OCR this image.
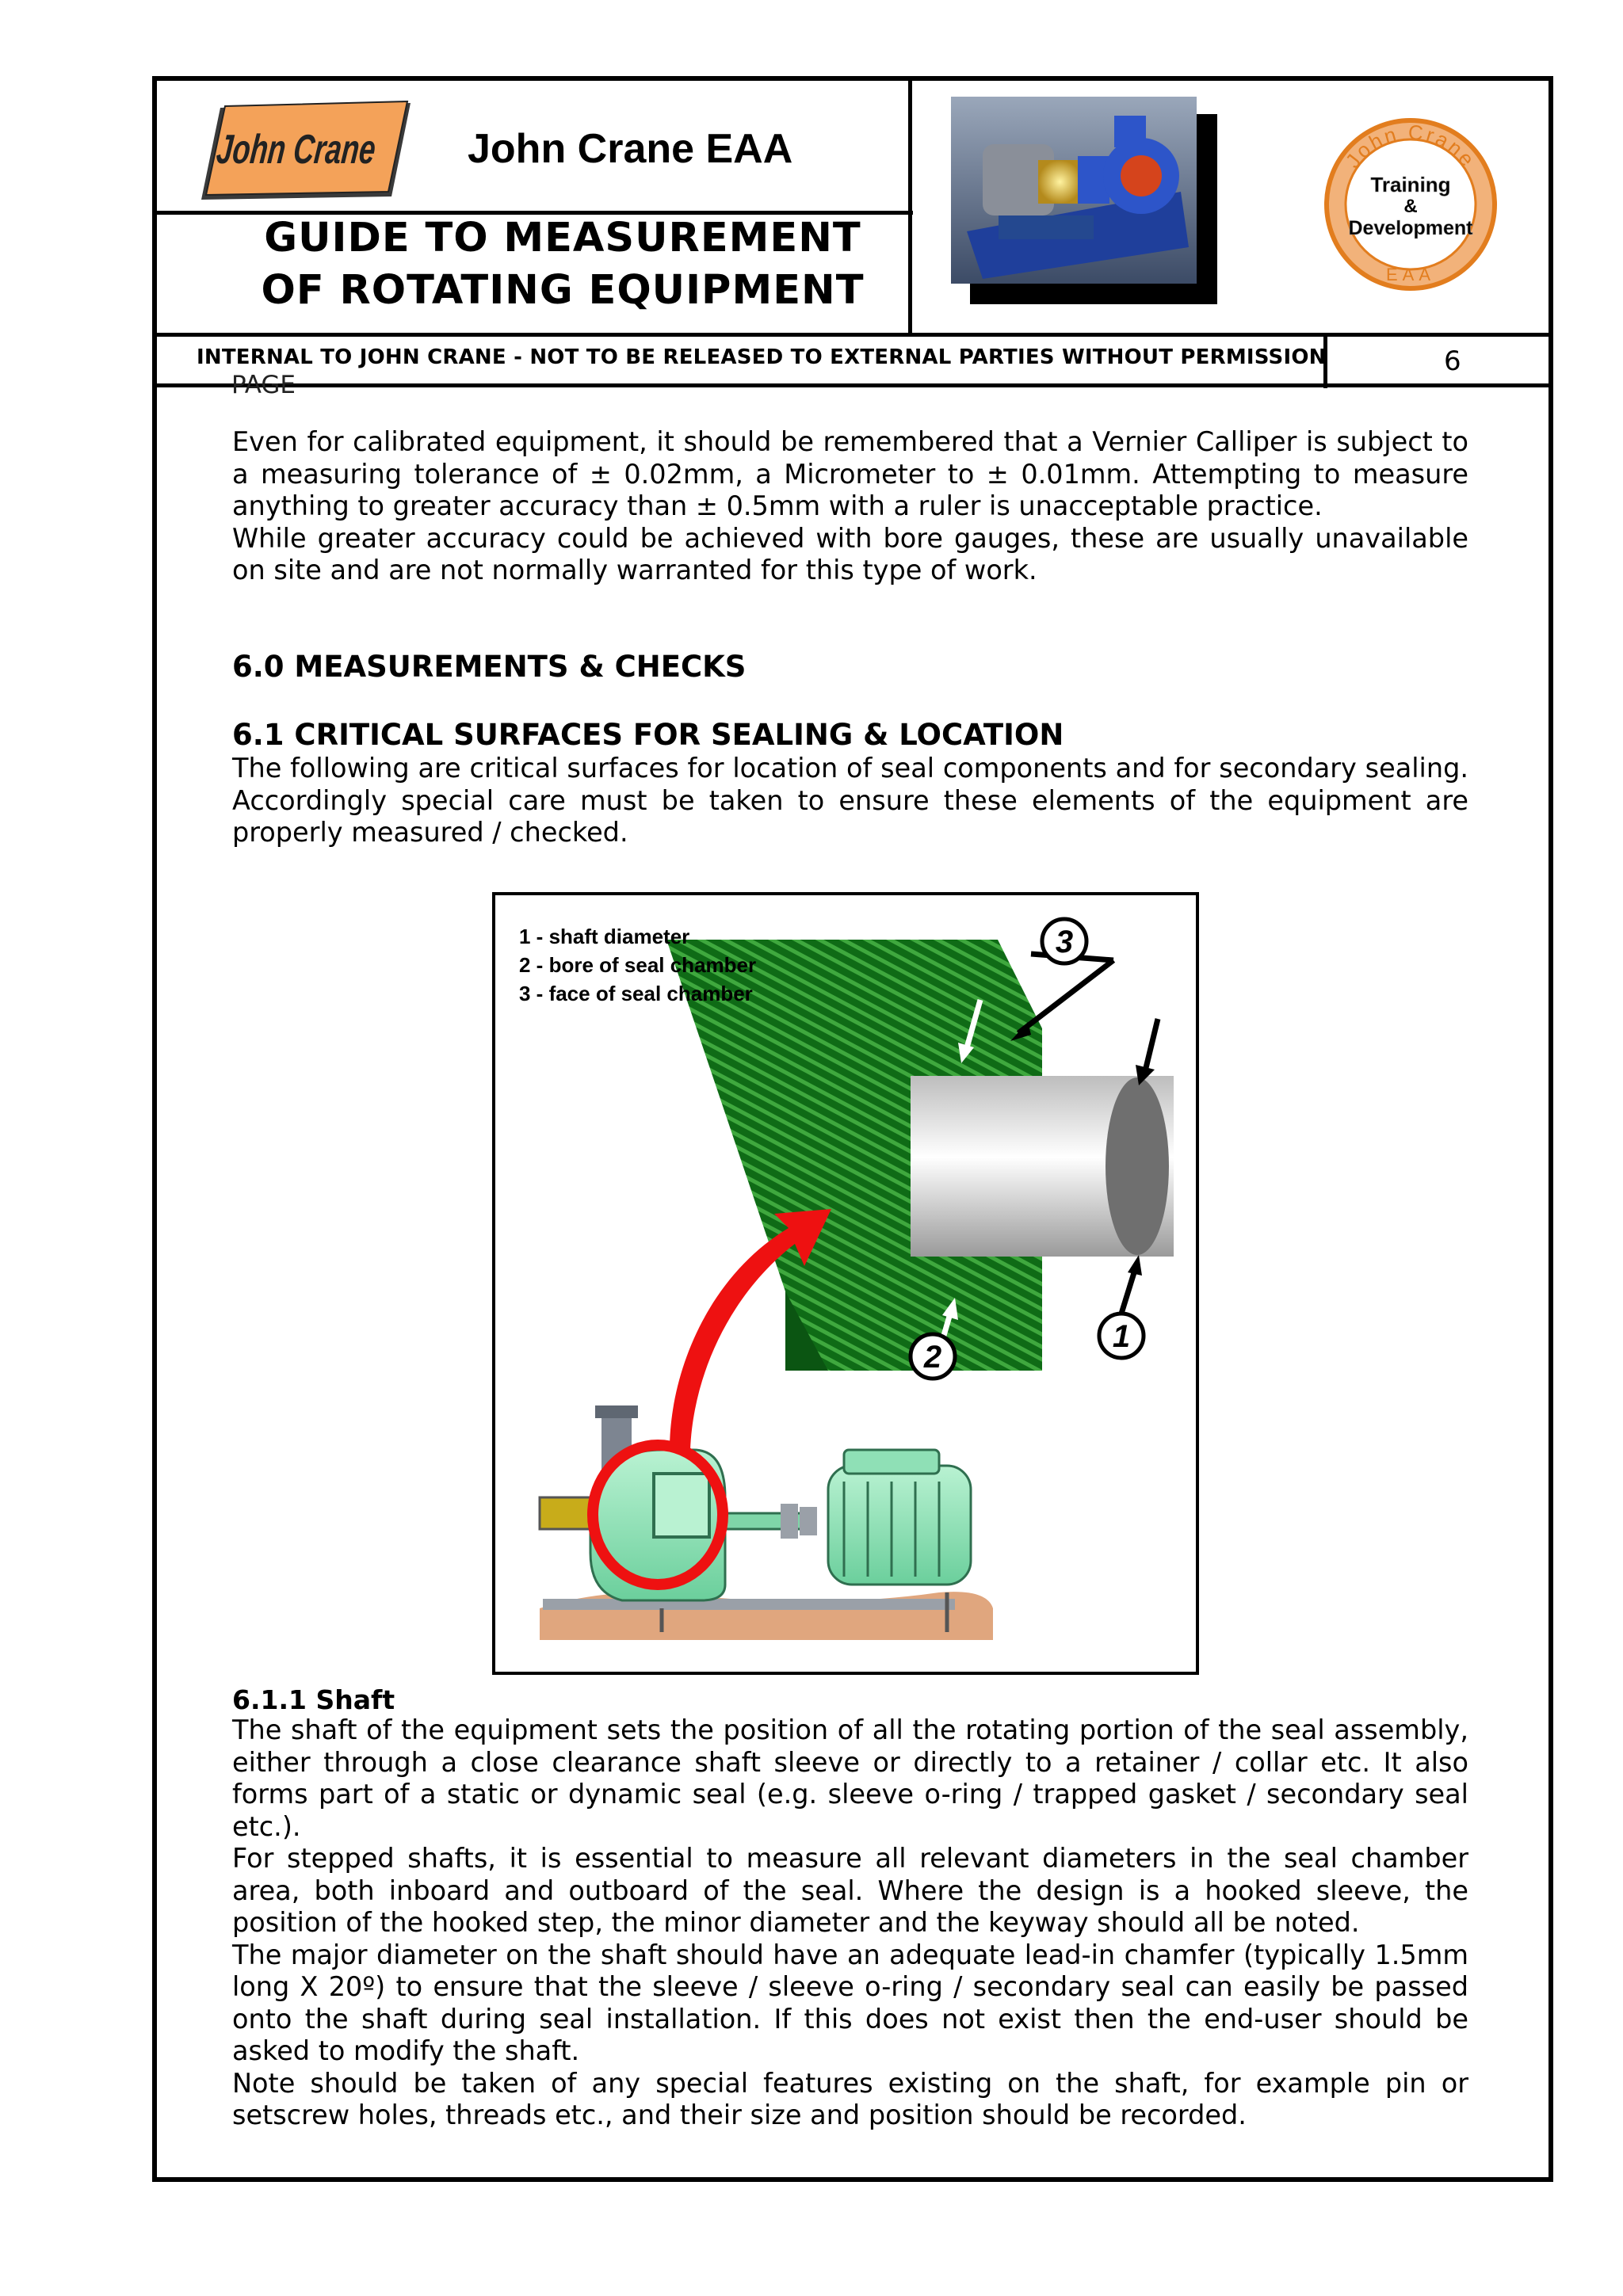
John Crane John Crane EAA
GUIDE TO MEASUREMENT
OF ROTATING EQUIPMENT
John Crane
Training
&
Development
EAA
INTERNAL TO JOHN CRANE - NOT TO BE RELEASED TO EXTERNAL PARTIES WITHOUT PERMISSION
PAGE
6

Even for calibrated equipment, it should be remembered that a Vernier Calliper is subject to a measuring tolerance of ± 0.02mm, a Micrometer to ± 0.01mm. Attempting to measure anything to greater accuracy than ± 0.5mm with a ruler is unacceptable practice.

While greater accuracy could be achieved with bore gauges, these are usually unavailable on site and are not normally warranted for this type of work.

6.0 MEASUREMENTS & CHECKS
6.1 CRITICAL SURFACES FOR SEALING & LOCATION

The following are critical surfaces for location of seal components and for secondary sealing. Accordingly special care must be taken to ensure these elements of the equipment are properly measured / checked.

3
2
1
1 - shaft diameter
2 - bore of seal chamber
3 - face of seal chamber
6.1.1 Shaft

The shaft of the equipment sets the position of all the rotating portion of the seal assembly, either through a close clearance shaft sleeve or directly to a retainer / collar etc. It also forms part of a static or dynamic seal (e.g. sleeve o-ring / trapped gasket / secondary seal etc.).

For stepped shafts, it is essential to measure all relevant diameters in the seal chamber area, both inboard and outboard of the seal. Where the design is a hooked sleeve, the position of the hooked step, the minor diameter and the keyway should all be noted.

The major diameter on the shaft should have an adequate lead-in chamfer (typically 1.5mm long X 20º) to ensure that the sleeve / sleeve o-ring / secondary seal can easily be passed onto the shaft during seal installation. If this does not exist then the end-user should be asked to modify the shaft.

Note should be taken of any special features existing on the shaft, for example pin or setscrew holes, threads etc., and their size and position should be recorded.
